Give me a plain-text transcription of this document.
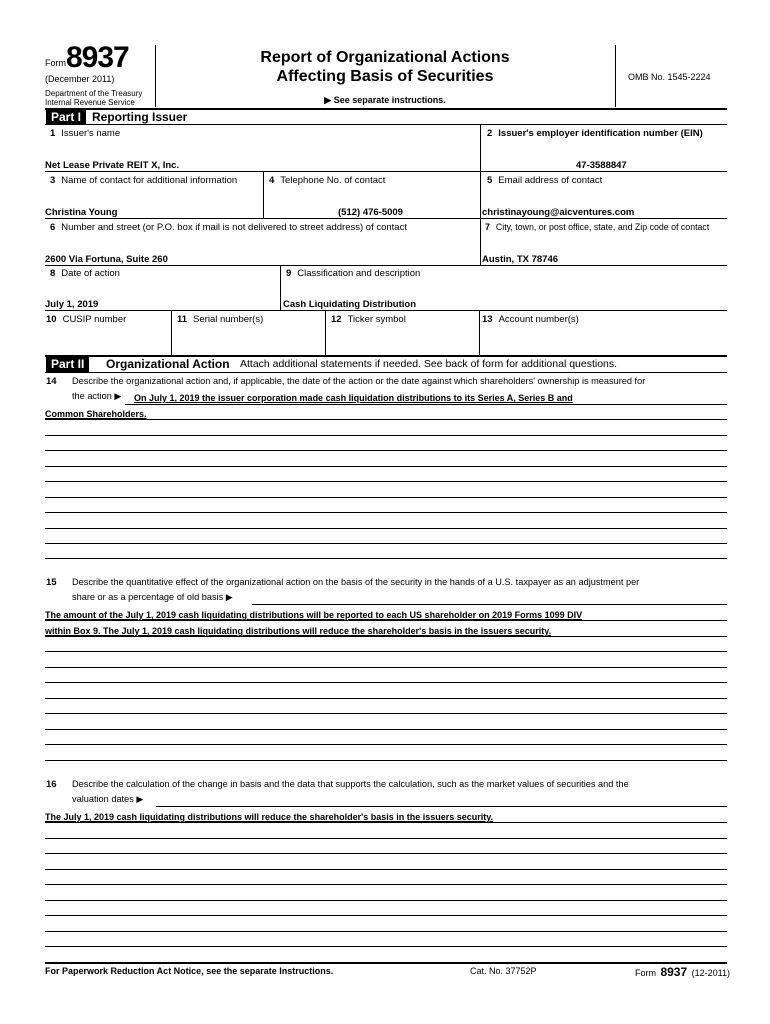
Form 8937
(December 2011)
Department of the Treasury
Internal Revenue Service
Report of Organizational Actions
Affecting Basis of Securities
▶ See separate instructions.
OMB No. 1545-2224
Part I Reporting Issuer
1 Issuer's name	2 Issuer's employer identification number (EIN)
Net Lease Private REIT X, Inc.	47-3588847
3 Name of contact for additional information	4 Telephone No. of contact	5 Email address of contact
Christina Young	(512) 476-5009	christinayoung@aicventures.com
6 Number and street (or P.O. box if mail is not delivered to street address) of contact	7 City, town, or post office, state, and Zip code of contact
2600 Via Fortuna, Suite 260	Austin, TX 78746
8 Date of action	9 Classification and description
July 1, 2019	Cash Liquidating Distribution
10 CUSIP number	11 Serial number(s)	12 Ticker symbol	13 Account number(s)
Part II	Organizational Action Attach additional statements if needed. See back of form for additional questions.
14 Describe the organizational action and, if applicable, the date of the action or the date against which shareholders' ownership is measured for
the action ▶ On July 1, 2019 the issuer corporation made cash liquidation distributions to its Series A, Series B and
Common Shareholders.
15 Describe the quantitative effect of the organizational action on the basis of the security in the hands of a U.S. taxpayer as an adjustment per
share or as a percentage of old basis ▶
The amount of the July 1, 2019 cash liquidating distributions will be reported to each US shareholder on 2019 Forms 1099 DIV
within Box 9. The July 1, 2019 cash liquidating distributions will reduce the shareholder's basis in the issuers security.
16 Describe the calculation of the change in basis and the data that supports the calculation, such as the market values of securities and the
valuation dates ▶
The July 1, 2019 cash liquidating distributions will reduce the shareholder's basis in the issuers security.
For Paperwork Reduction Act Notice, see the separate Instructions.	Cat. No. 37752P	Form 8937 (12-2011)
